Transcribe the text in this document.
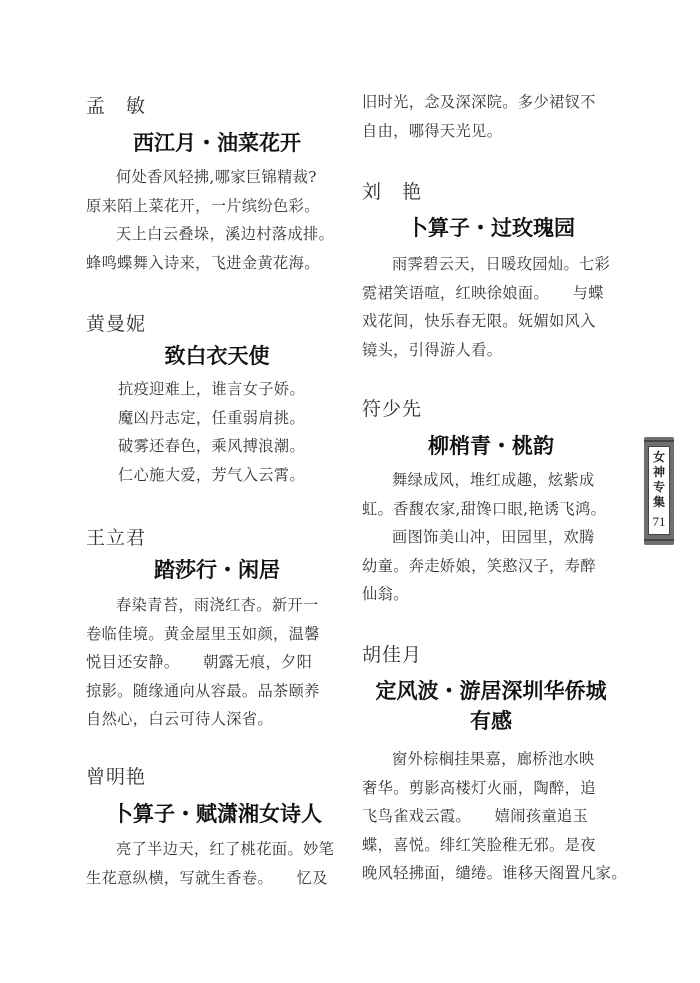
孟　敏
西江月・油菜花开
何处香风轻拂,哪家巨锦精裁?
原来陌上菜花开，一片缤纷色彩。
天上白云叠垛，溪边村落成排。
蜂鸣蝶舞入诗来，飞进金黄花海。
黄曼妮
致白衣天使
抗疫迎难上，谁言女子娇。
魔凶丹志定，任重弱肩挑。
破雾还春色，乘风搏浪潮。
仁心施大爱，芳气入云霄。
王立君
踏莎行・闲居
春染青苔，雨浇红杏。新开一
卷临佳境。黄金屋里玉如颜，温馨
悦目还安静。　　朝露无痕，夕阳
掠影。随缘通向从容最。品茶颐养
自然心，白云可待人深省。
曾明艳
卜算子・赋潇湘女诗人
亮了半边天，红了桃花面。妙笔
生花意纵横，写就生香卷。　　忆及
旧时光，念及深深院。多少裙钗不
自由，哪得天光见。
刘　艳
卜算子・过玫瑰园
雨霁碧云天，日暖玫园灿。七彩
霓裙笑语喧，红映徐娘面。　　与蝶
戏花间，快乐春无限。妩媚如风入
镜头，引得游人看。
符少先
柳梢青・桃韵
舞绿成风，堆红成趣，炫紫成
虹。香馥农家,甜馋口眼,艳诱飞鸿。
画图饰美山冲，田园里，欢腾
幼童。奔走娇娘，笑憨汉子，寿醉
仙翁。
胡佳月
定风波・游居深圳华侨城
有感
窗外棕榈挂果嘉，廊桥池水映
奢华。剪影高楼灯火丽，陶醉，追
飞鸟雀戏云霞。　　嬉闹孩童追玉
蝶，喜悦。绯红笑脸稚无邪。是夜
晚风轻拂面，缱绻。谁移天阁置凡家。
女神专集
71
